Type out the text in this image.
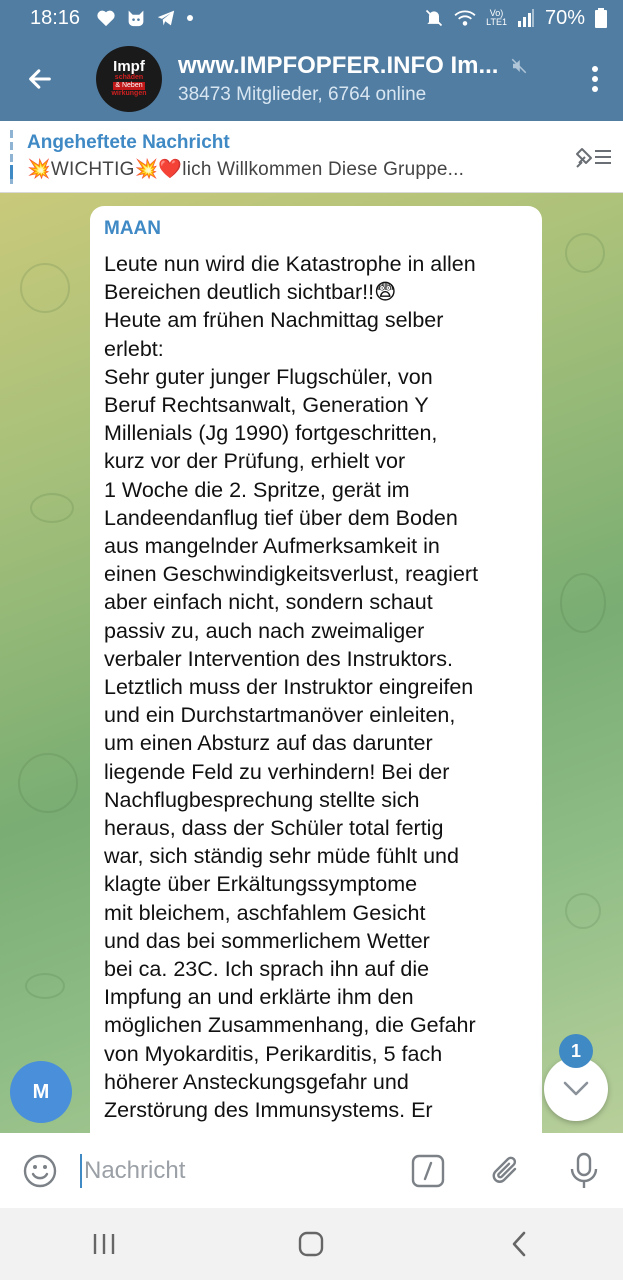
18:16	Vo)
LTE1 70%
Impf
schäden
& Neben
wirkungen
www.IMPFOPFER.INFO Im...
38473 Mitglieder, 6764 online
Angeheftete Nachricht
💥WICHTIG💥❤️lich Willkommen Diese Gruppe...
MAAN
Leute nun wird die Katastrophe in allen
Bereichen deutlich sichtbar!!😨
Heute am frühen Nachmittag selber
erlebt:
Sehr guter junger Flugschüler, von
Beruf Rechtsanwalt, Generation Y
Millenials (Jg 1990) fortgeschritten,
kurz vor der Prüfung, erhielt vor
1 Woche die 2. Spritze, gerät im
Landeendanflug tief über dem Boden
aus mangelnder Aufmerksamkeit in
einen Geschwindigkeitsverlust, reagiert
aber einfach nicht, sondern schaut
passiv zu, auch nach zweimaliger
verbaler Intervention des Instruktors.
Letztlich muss der Instruktor eingreifen
und ein Durchstartmanöver einleiten,
um einen Absturz auf das darunter
liegende Feld zu verhindern! Bei der
Nachflugbesprechung stellte sich
heraus, dass der Schüler total fertig
war, sich ständig sehr müde fühlt und
klagte über Erkältungssymptome
mit bleichem, aschfahlem Gesicht
und das bei sommerlichem Wetter
bei ca. 23C. Ich sprach ihn auf die
Impfung an und erklärte ihm den
möglichen Zusammenhang, die Gefahr
von Myokarditis, Perikarditis, 5 fach
höherer Ansteckungsgefahr und
Zerstörung des Immunsystems. Er
M
1
Nachricht
